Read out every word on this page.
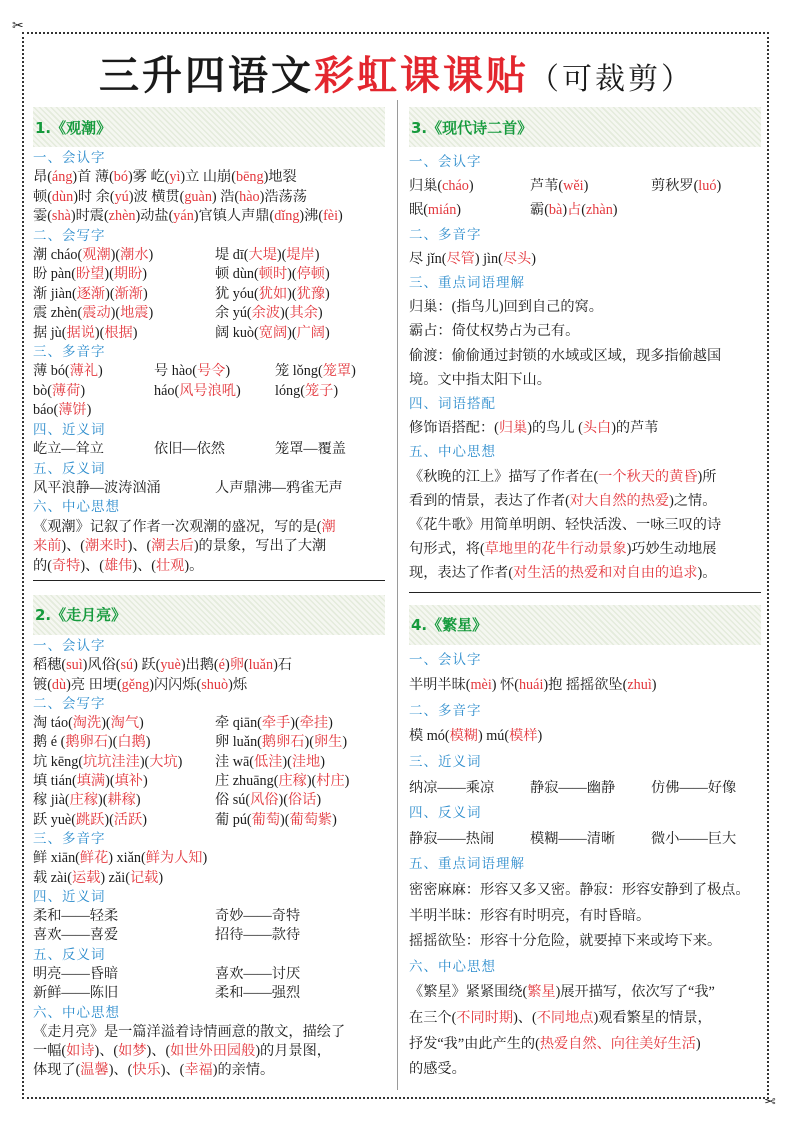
✂
✂
三升四语文彩虹课课贴（可裁剪）
1.《观潮》
一、会认字
昂(áng)首 薄(bó)雾 屹(yì)立 山崩(bēng)地裂
顿(dùn)时 余(yú)波 横贯(guàn) 浩(hào)浩荡荡
霎(shà)时震(zhèn)动盐(yán)官镇人声鼎(dǐng)沸(fèi)
二、会写字
潮 cháo(观潮)(潮水)	堤 dī(大堤)(堤岸)
盼 pàn(盼望)(期盼)	顿 dùn(顿时)(停顿)
渐 jiàn(逐渐)(渐渐)	犹 yóu(犹如)(犹豫)
震 zhèn(震动)(地震)	余 yú(余波)(其余)
据 jù(据说)(根据)	阔 kuò(宽阔)(广阔)
三、多音字
薄 bó(薄礼)	号 hào(号令)	笼 lǒng(笼罩)
bò(薄荷)	háo(风号浪吼)lóng(笼子)
báo(薄饼)
四、近义词
屹立—耸立	依旧—依然	笼罩—覆盖
五、反义词
风平浪静—波涛汹涌	人声鼎沸—鸦雀无声
六、中心思想
《观潮》记叙了作者一次观潮的盛况，写的是(潮
来前)、(潮来时)、(潮去后)的景象，写出了大潮
的(奇特)、(雄伟)、(壮观)。
2.《走月亮》
一、会认字
稻穗(suì)风俗(sú) 跃(yuè)出鹅(é)卵(luǎn)石
镀(dù)亮 田埂(gěng)闪闪烁(shuò)烁
二、会写字
淘 táo(淘洗)(淘气)	牵 qiān(牵手)(牵挂)
鹅 é (鹅卵石)(白鹅)	卵 luǎn(鹅卵石)(卵生)
坑 kēng(坑坑洼洼)(大坑) 洼 wā(低洼)(洼地)
填 tián(填满)(填补)	庄 zhuāng(庄稼)(村庄)
稼 jià(庄稼)(耕稼)	俗 sú(风俗)(俗话)
跃 yuè(跳跃)(活跃)	葡 pú(葡萄)(葡萄紫)
三、多音字
鲜 xiān(鲜花) xiǎn(鲜为人知)
载 zài(运载) zǎi(记载)
四、近义词
柔和——轻柔	奇妙——奇特
喜欢——喜爱	招待——款待
五、反义词
明亮——昏暗	喜欢——讨厌
新鲜——陈旧	柔和——强烈
六、中心思想
《走月亮》是一篇洋溢着诗情画意的散文，描绘了
一幅(如诗)、(如梦)、(如世外田园般)的月景图，
体现了(温馨)、(快乐)、(幸福)的亲情。
3.《现代诗二首》
一、会认字
归巢(cháo)	芦苇(wěi)	剪秋罗(luó)
眠(mián)	霸(bà)占(zhàn)
二、多音字
尽 jǐn(尽管) jìn(尽头)
三、重点词语理解
归巢：(指鸟儿)回到自己的窝。
霸占：倚仗权势占为己有。
偷渡：偷偷通过封锁的水域或区域，现多指偷越国
境。文中指太阳下山。
四、词语搭配
修饰语搭配：(归巢)的鸟儿 (头白)的芦苇
五、中心思想
《秋晚的江上》描写了作者在(一个秋天的黄昏)所
看到的情景，表达了作者(对大自然的热爱)之情。
《花牛歌》用简单明朗、轻快活泼、一咏三叹的诗
句形式，将(草地里的花牛行动景象)巧妙生动地展
现，表达了作者(对生活的热爱和对自由的追求)。
4.《繁星》
一、会认字
半明半昧(mèi) 怀(huái)抱 摇摇欲坠(zhuì)
二、多音字
模 mó(模糊) mú(模样)
三、近义词
纳凉——乘凉	静寂——幽静	仿佛——好像
四、反义词
静寂——热闹	模糊——清晰	微小——巨大
五、重点词语理解
密密麻麻：形容又多又密。静寂：形容安静到了极点。
半明半昧：形容有时明亮，有时昏暗。
摇摇欲坠：形容十分危险，就要掉下来或垮下来。
六、中心思想
《繁星》紧紧围绕(繁星)展开描写，依次写了“我”
在三个(不同时期)、(不同地点)观看繁星的情景，
抒发“我”由此产生的(热爱自然、向往美好生活)
的感受。
